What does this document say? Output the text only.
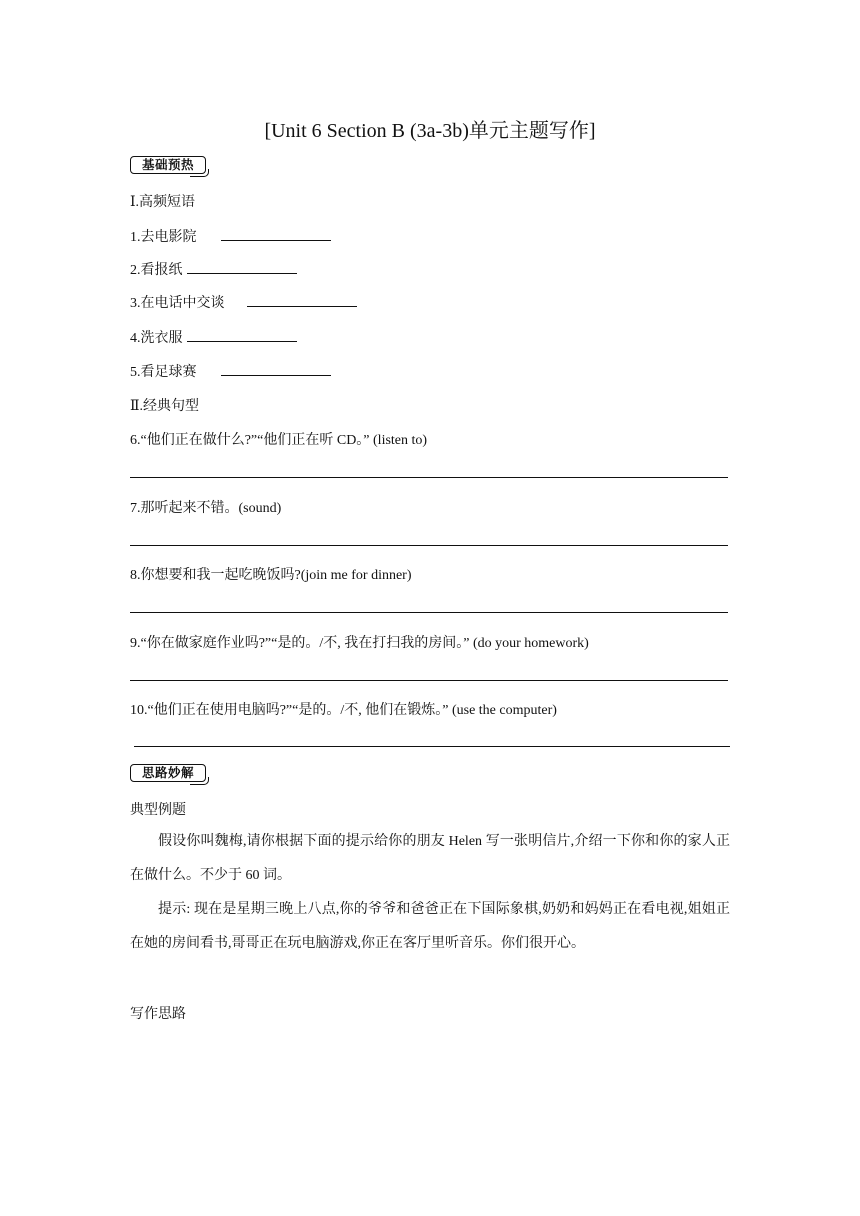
[Unit 6 Section B (3a-3b)单元主题写作]
基础预热
Ⅰ.高频短语
1.去电影院
2.看报纸
3.在电话中交谈
4.洗衣服
5.看足球赛
Ⅱ.经典句型
6.“他们正在做什么?”“他们正在听 CD。” (listen to)
7.那听起来不错。(sound)
8.你想要和我一起吃晚饭吗?(join me for dinner)
9.“你在做家庭作业吗?”“是的。/不, 我在打扫我的房间。” (do your homework)
10.“他们正在使用电脑吗?”“是的。/不, 他们在锻炼。” (use the computer)
思路妙解
典型例题
假设你叫魏梅,请你根据下面的提示给你的朋友 Helen 写一张明信片,介绍一下你和你的家人正在做什么。不少于 60 词。
提示: 现在是星期三晚上八点,你的爷爷和爸爸正在下国际象棋,奶奶和妈妈正在看电视,姐姐正在她的房间看书,哥哥正在玩电脑游戏,你正在客厅里听音乐。你们很开心。
写作思路
